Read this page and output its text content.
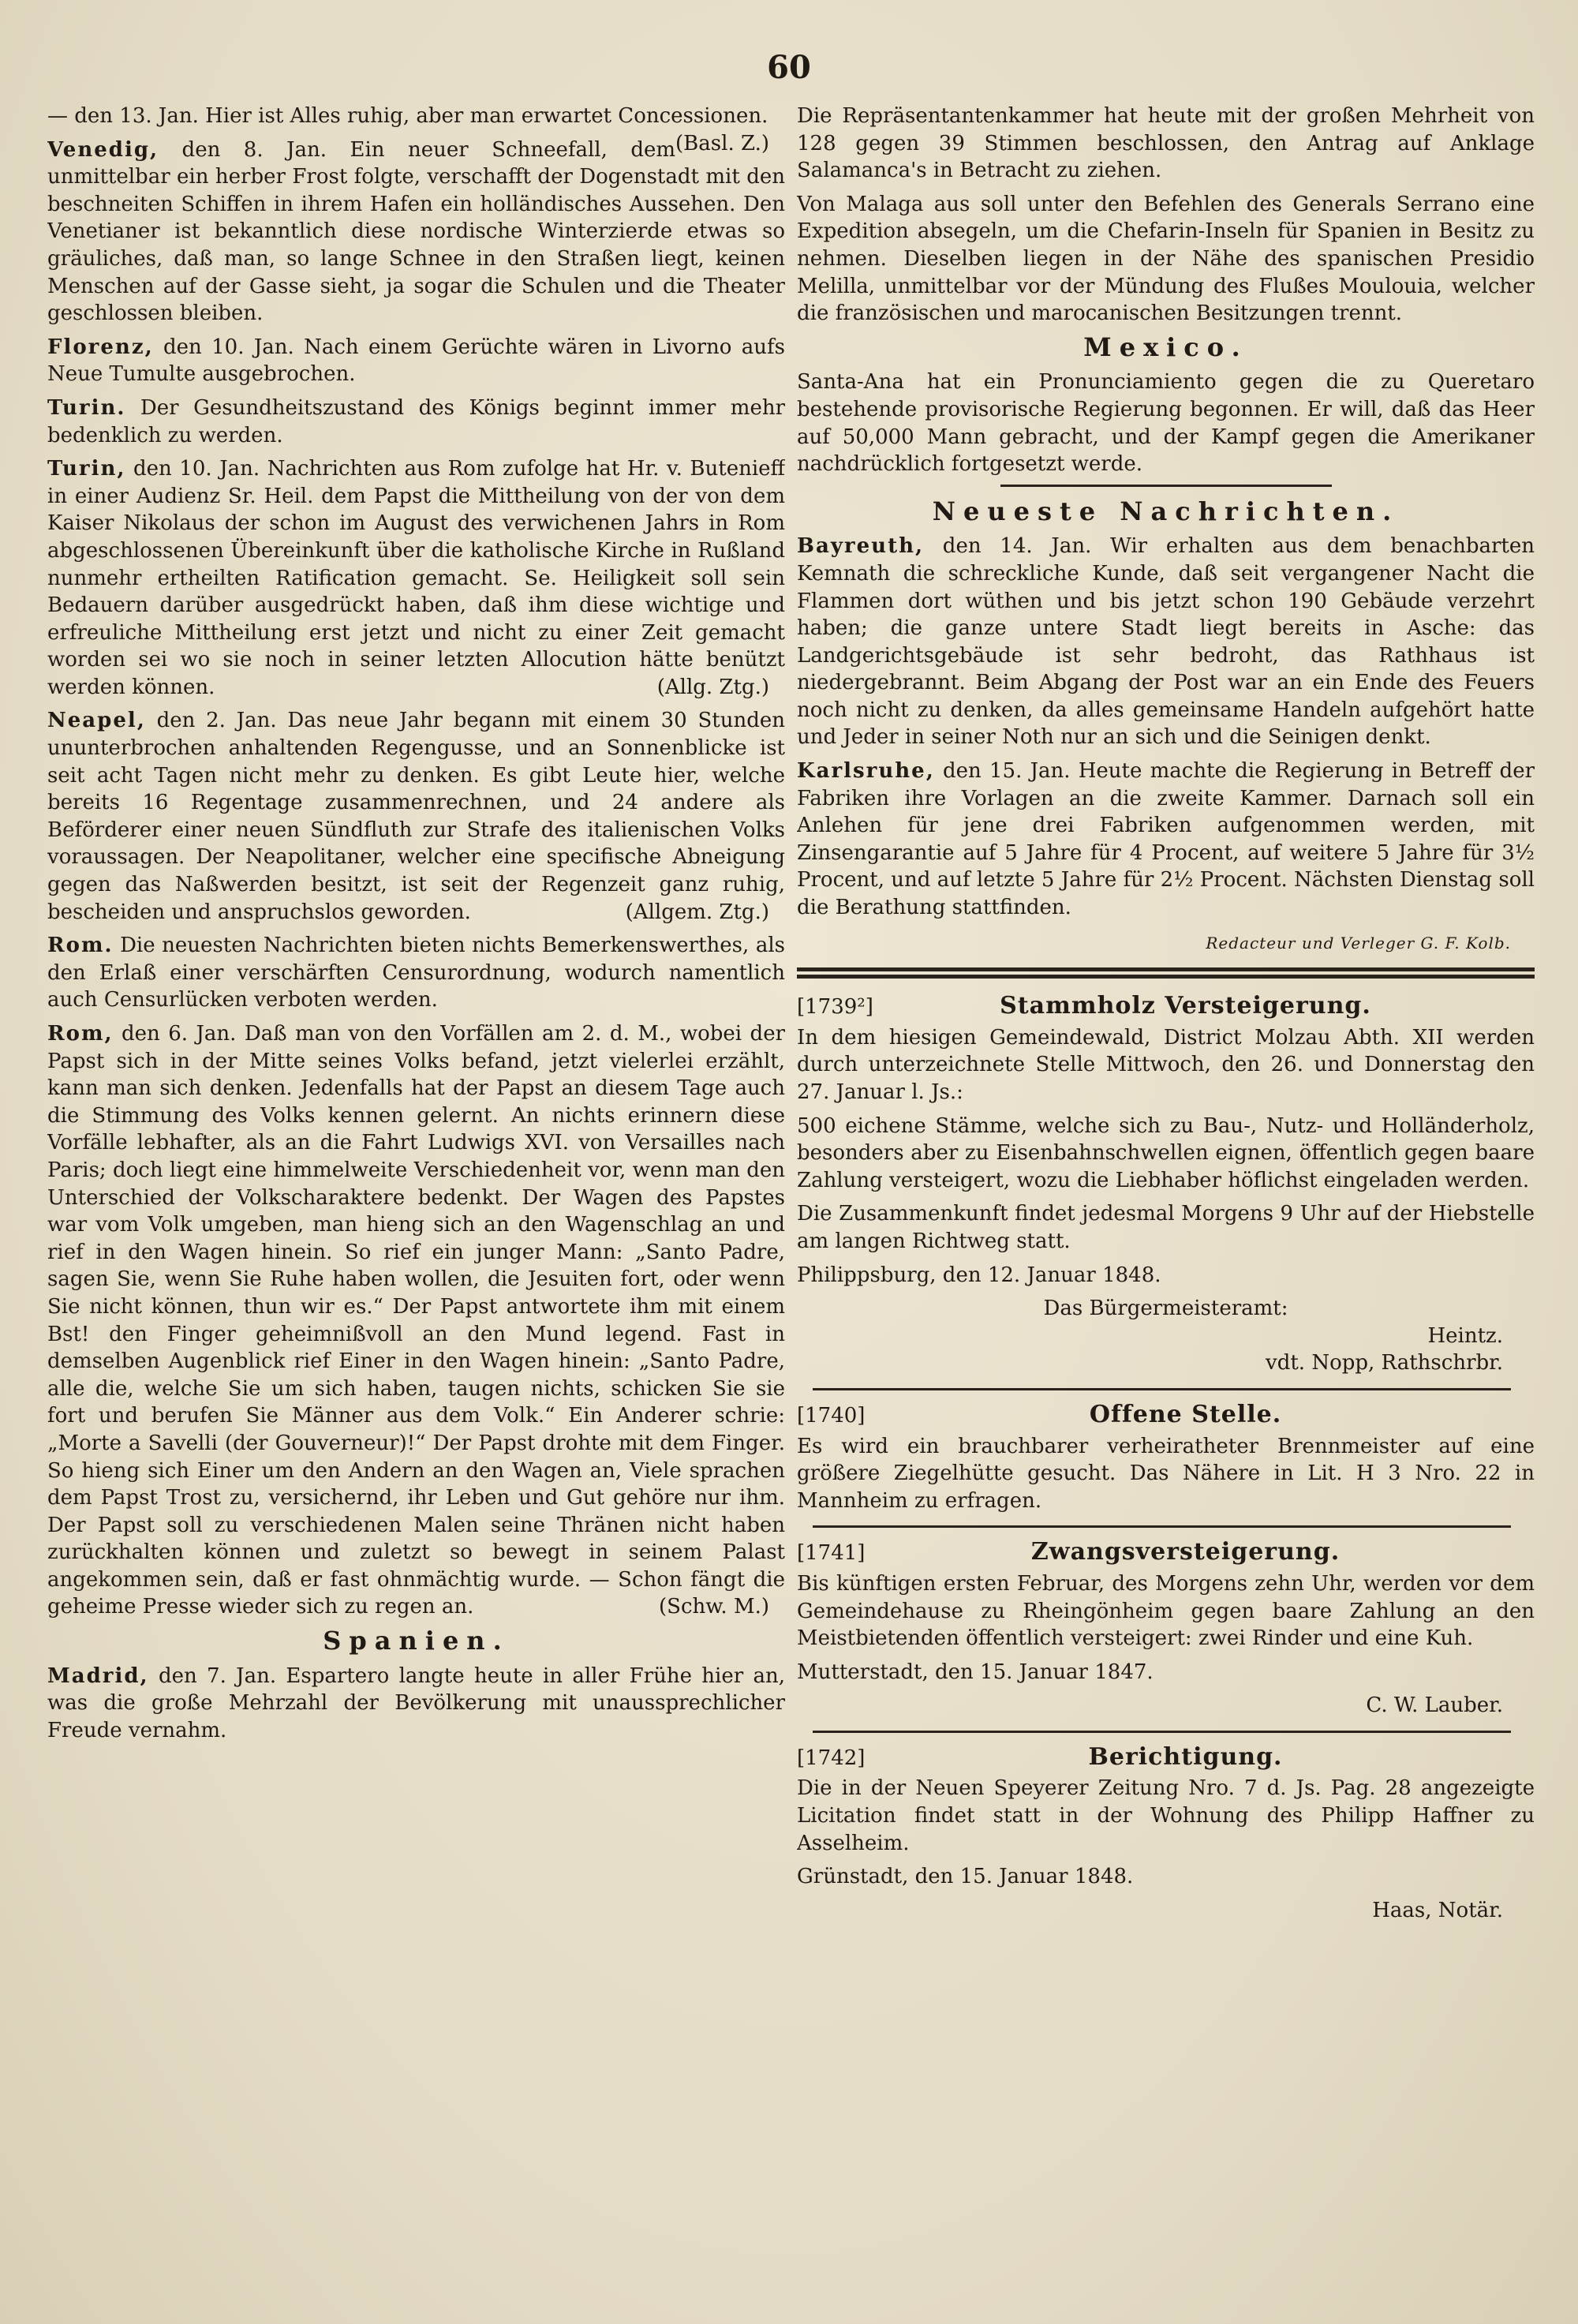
60

— den 13. Jan. Hier ist Alles ruhig, aber man erwartet Concessionen.
(Basl. Z.)

Venedig, den 8. Jan. Ein neuer Schneefall, dem unmittelbar ein herber Frost folgte, verschafft der Dogenstadt mit den beschneiten Schiffen in ihrem Hafen ein holländisches Aussehen. Den Venetianer ist bekanntlich diese nordische Winterzierde etwas so gräuliches, daß man, so lange Schnee in den Straßen liegt, keinen Menschen auf der Gasse sieht, ja sogar die Schulen und die Theater geschlossen bleiben.

Florenz, den 10. Jan. Nach einem Gerüchte wären in Livorno aufs Neue Tumulte ausgebrochen.

Turin. Der Gesundheitszustand des Königs beginnt immer mehr bedenklich zu werden.

Turin, den 10. Jan. Nachrichten aus Rom zufolge hat Hr. v. Butenieff in einer Audienz Sr. Heil. dem Papst die Mittheilung von der von dem Kaiser Nikolaus der schon im August des verwichenen Jahrs in Rom abgeschlossenen Übereinkunft über die katholische Kirche in Rußland nunmehr ertheilten Ratification gemacht. Se. Heiligkeit soll sein Bedauern darüber ausgedrückt haben, daß ihm diese wichtige und erfreuliche Mittheilung erst jetzt und nicht zu einer Zeit gemacht worden sei wo sie noch in seiner letzten Allocution hätte benützt werden können.	(Allg. Ztg.)

Neapel, den 2. Jan. Das neue Jahr begann mit einem 30 Stunden ununterbrochen anhaltenden Regengusse, und an Sonnenblicke ist seit acht Tagen nicht mehr zu denken. Es gibt Leute hier, welche bereits 16 Regentage zusammenrechnen, und 24 andere als Beförderer einer neuen Sündfluth zur Strafe des italienischen Volks voraussagen. Der Neapolitaner, welcher eine specifische Abneigung gegen das Naßwerden besitzt, ist seit der Regenzeit ganz ruhig, bescheiden und anspruchslos geworden.	(Allgem. Ztg.)

Rom. Die neuesten Nachrichten bieten nichts Bemerkenswerthes, als den Erlaß einer verschärften Censurordnung, wodurch namentlich auch Censurlücken verboten werden.

Rom, den 6. Jan. Daß man von den Vorfällen am 2. d. M., wobei der Papst sich in der Mitte seines Volks befand, jetzt vielerlei erzählt, kann man sich denken. Jedenfalls hat der Papst an diesem Tage auch die Stimmung des Volks kennen gelernt. An nichts erinnern diese Vorfälle lebhafter, als an die Fahrt Ludwigs XVI. von Versailles nach Paris; doch liegt eine himmelweite Verschiedenheit vor, wenn man den Unterschied der Volkscharaktere bedenkt. Der Wagen des Papstes war vom Volk umgeben, man hieng sich an den Wagenschlag an und rief in den Wagen hinein. So rief ein junger Mann: „Santo Padre, sagen Sie, wenn Sie Ruhe haben wollen, die Jesuiten fort, oder wenn Sie nicht können, thun wir es.“ Der Papst antwortete ihm mit einem Bst! den Finger geheimnißvoll an den Mund legend. Fast in demselben Augenblick rief Einer in den Wagen hinein: „Santo Padre, alle die, welche Sie um sich haben, taugen nichts, schicken Sie sie fort und berufen Sie Männer aus dem Volk.“ Ein Anderer schrie: „Morte a Savelli (der Gouverneur)!“ Der Papst drohte mit dem Finger. So hieng sich Einer um den Andern an den Wagen an, Viele sprachen dem Papst Trost zu, versichernd, ihr Leben und Gut gehöre nur ihm. Der Papst soll zu verschiedenen Malen seine Thränen nicht haben zurückhalten können und zuletzt so bewegt in seinem Palast angekommen sein, daß er fast ohnmächtig wurde. — Schon fängt die geheime Presse wieder sich zu regen an.	(Schw. M.)

Spanien.

Madrid, den 7. Jan. Espartero langte heute in aller Frühe hier an, was die große Mehrzahl der Bevölkerung mit unaussprechlicher Freude vernahm.

Die Repräsentantenkammer hat heute mit der großen Mehrheit von 128 gegen 39 Stimmen beschlossen, den Antrag auf Anklage Salamanca's in Betracht zu ziehen.

Von Malaga aus soll unter den Befehlen des Generals Serrano eine Expedition absegeln, um die Chefarin-Inseln für Spanien in Besitz zu nehmen. Dieselben liegen in der Nähe des spanischen Presidio Melilla, unmittelbar vor der Mündung des Flußes Moulouia, welcher die französischen und marocanischen Besitzungen trennt.

Mexico.

Santa-Ana hat ein Pronunciamiento gegen die zu Queretaro bestehende provisorische Regierung begonnen. Er will, daß das Heer auf 50,000 Mann gebracht, und der Kampf gegen die Amerikaner nachdrücklich fortgesetzt werde.

Neueste Nachrichten.

Bayreuth, den 14. Jan. Wir erhalten aus dem benachbarten Kemnath die schreckliche Kunde, daß seit vergangener Nacht die Flammen dort wüthen und bis jetzt schon 190 Gebäude verzehrt haben; die ganze untere Stadt liegt bereits in Asche: das Landgerichtsgebäude ist sehr bedroht, das Rathhaus ist niedergebrannt. Beim Abgang der Post war an ein Ende des Feuers noch nicht zu denken, da alles gemeinsame Handeln aufgehört hatte und Jeder in seiner Noth nur an sich und die Seinigen denkt.

Karlsruhe, den 15. Jan. Heute machte die Regierung in Betreff der Fabriken ihre Vorlagen an die zweite Kammer. Darnach soll ein Anlehen für jene drei Fabriken aufgenommen werden, mit Zinsengarantie auf 5 Jahre für 4 Procent, auf weitere 5 Jahre für 3½ Procent, und auf letzte 5 Jahre für 2½ Procent. Nächsten Dienstag soll die Berathung stattfinden.

Redacteur und Verleger G. F. Kolb.
[1739²]	Stammholz Versteigerung.

In dem hiesigen Gemeindewald, District Molzau Abth. XII werden durch unterzeichnete Stelle Mittwoch, den 26. und Donnerstag den 27. Januar l. Js.:

500 eichene Stämme, welche sich zu Bau-, Nutz- und Holländerholz, besonders aber zu Eisenbahnschwellen eignen, öffentlich gegen baare Zahlung versteigert, wozu die Liebhaber höflichst eingeladen werden.

Die Zusammenkunft findet jedesmal Morgens 9 Uhr auf der Hiebstelle am langen Richtweg statt.

Philippsburg, den 12. Januar 1848.

Das Bürgermeisteramt:
Heintz.
vdt. Nopp, Rathschrbr.
[1740]	Offene Stelle.

Es wird ein brauchbarer verheiratheter Brennmeister auf eine größere Ziegelhütte gesucht. Das Nähere in Lit. H 3 Nro. 22 in Mannheim zu erfragen.

[1741]	Zwangsversteigerung.

Bis künftigen ersten Februar, des Morgens zehn Uhr, werden vor dem Gemeindehause zu Rheingönheim gegen baare Zahlung an den Meistbietenden öffentlich versteigert: zwei Rinder und eine Kuh.

Mutterstadt, den 15. Januar 1847.

C. W. Lauber.
[1742]	Berichtigung.

Die in der Neuen Speyerer Zeitung Nro. 7 d. Js. Pag. 28 angezeigte Licitation findet statt in der Wohnung des Philipp Haffner zu Asselheim.

Grünstadt, den 15. Januar 1848.

Haas, Notär.
